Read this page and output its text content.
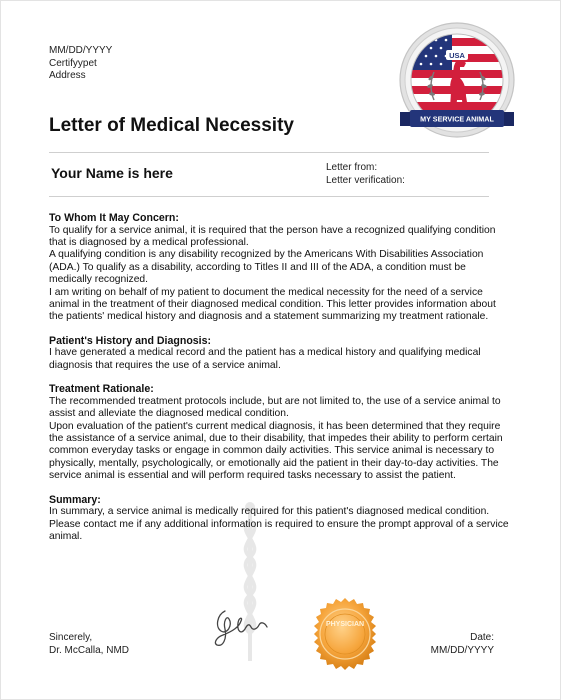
MM/DD/YYYY
Certifyypet
Address
USA
MY SERVICE ANIMAL
Letter of Medical Necessity
Your Name is here	Letter from:
Letter verification:
To Whom It May Concern:

To qualify for a service animal, it is required that the person have a recognized qualifying condition that is diagnosed by a medical professional.

A qualifying condition is any disability recognized by the Americans With Disabilities Association (ADA.) To qualify as a disability, according to Titles II and III of the ADA, a condition must be medically recognized.

I am writing on behalf of my patient to document the medical necessity for the need of a service animal in the treatment of their diagnosed medical condition. This letter provides information about the patients' medical history and diagnosis and a statement summarizing my treatment rationale.

Patient's History and Diagnosis:

I have generated a medical record and the patient has a medical history and qualifying medical diagnosis that requires the use of a service animal.

Treatment Rationale:

The recommended treatment protocols include, but are not limited to, the use of a service animal to assist and alleviate the diagnosed medical condition.

Upon evaluation of the patient's current medical diagnosis, it has been determined that they require the assistance of a service animal, due to their disability, that impedes their ability to perform certain common everyday tasks or engage in common daily activities. This service animal is necessary to physically, mentally, psychologically, or emotionally aid the patient in their day-to-day activities. The service animal is essential and will perform required tasks necessary to assist the patient.

Summary:

In summary, a service animal is medically required for this patient's diagnosed medical condition. Please contact me if any additional information is required to ensure the prompt approval of a service animal.

Sincerely,
Dr. McCalla, NMD
PHYSICIAN
Date:
MM/DD/YYYY
